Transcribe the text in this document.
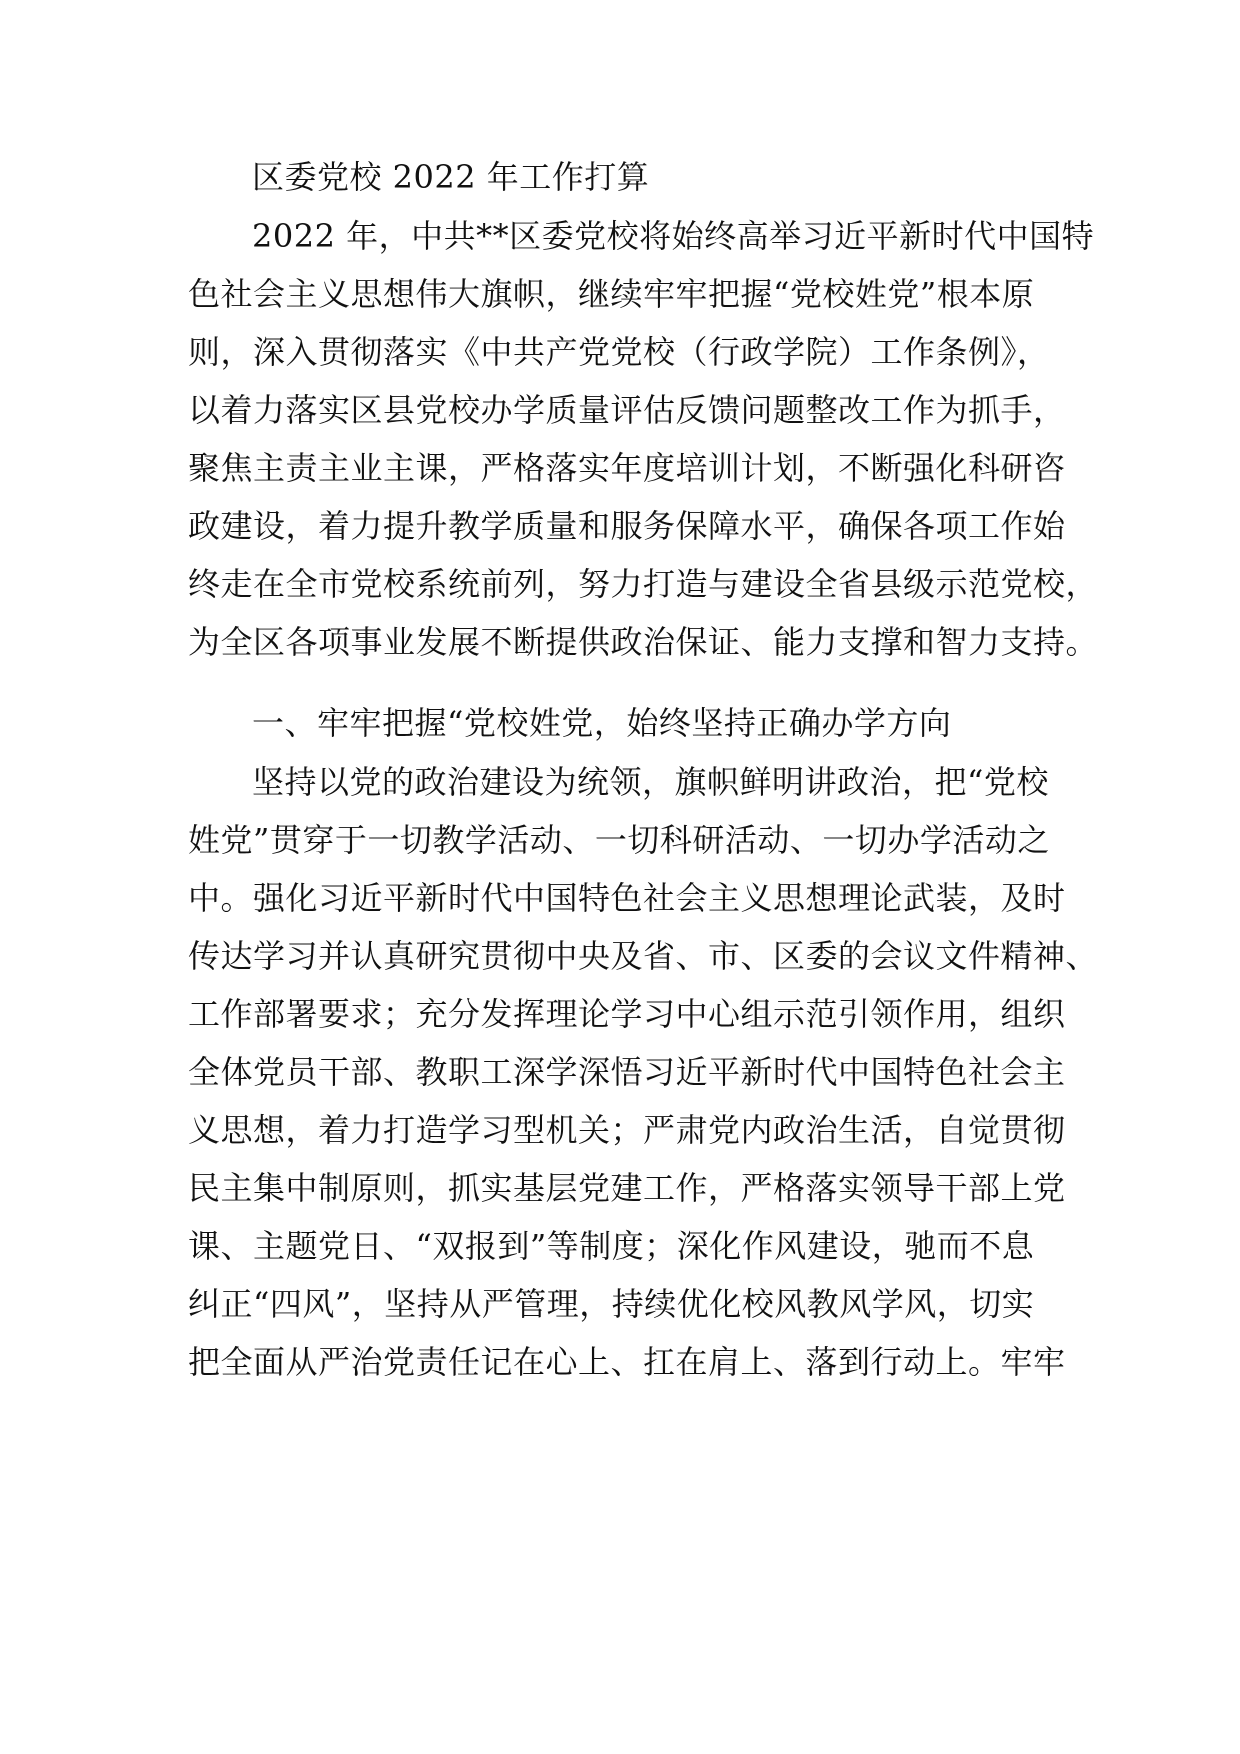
区委党校 2022 年工作打算
2022 年，中共**区委党校将始终高举习近平新时代中国特
色社会主义思想伟大旗帜，继续牢牢把握“党校姓党”根本原
则，深入贯彻落实《中共产党党校（行政学院）工作条例》，
以着力落实区县党校办学质量评估反馈问题整改工作为抓手，
聚焦主责主业主课，严格落实年度培训计划，不断强化科研咨
政建设，着力提升教学质量和服务保障水平，确保各项工作始
终走在全市党校系统前列，努力打造与建设全省县级示范党校，
为全区各项事业发展不断提供政治保证、能力支撑和智力支持。
一、牢牢把握“党校姓党，始终坚持正确办学方向
坚持以党的政治建设为统领，旗帜鲜明讲政治，把“党校
姓党”贯穿于一切教学活动、一切科研活动、一切办学活动之
中。强化习近平新时代中国特色社会主义思想理论武装，及时
传达学习并认真研究贯彻中央及省、市、区委的会议文件精神、
工作部署要求；充分发挥理论学习中心组示范引领作用，组织
全体党员干部、教职工深学深悟习近平新时代中国特色社会主
义思想，着力打造学习型机关；严肃党内政治生活，自觉贯彻
民主集中制原则，抓实基层党建工作，严格落实领导干部上党
课、主题党日、“双报到”等制度；深化作风建设，驰而不息
纠正“四风”，坚持从严管理，持续优化校风教风学风，切实
把全面从严治党责任记在心上、扛在肩上、落到行动上。牢牢
